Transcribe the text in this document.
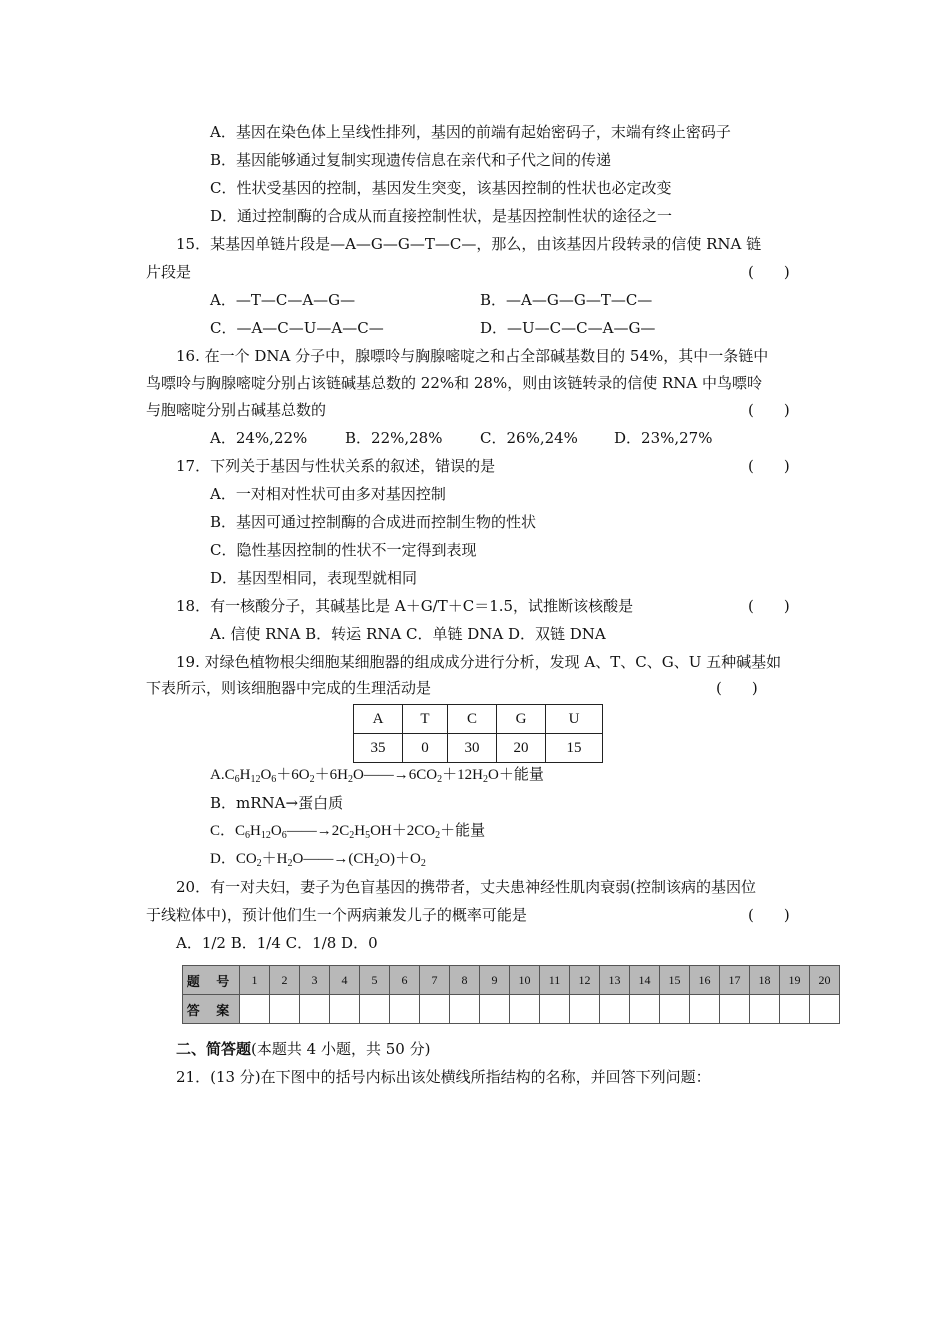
A．基因在染色体上呈线性排列，基因的前端有起始密码子，末端有终止密码子
B．基因能够通过复制实现遗传信息在亲代和子代之间的传递
C．性状受基因的控制，基因发生突变，该基因控制的性状也必定改变
D．通过控制酶的合成从而直接控制性状，是基因控制性状的途径之一
15．某基因单链片段是—A—G—G—T—C—，那么，由该基因片段转录的信使 RNA 链
片段是	(　　)
A．—T—C—A—G—	B．—A—G—G—T—C—
C．—A—C—U—A—C—	D．—U—C—C—A—G—
16. 在一个 DNA 分子中，腺嘌呤与胸腺嘧啶之和占全部碱基数目的 54%，其中一条链中
鸟嘌呤与胸腺嘧啶分别占该链碱基总数的 22%和 28%，则由该链转录的信使 RNA 中鸟嘌呤
与胞嘧啶分别占碱基总数的	(　　)
A．24%,22%	B．22%,28%	C．26%,24% D．23%,27%
17．下列关于基因与性状关系的叙述，错误的是	(　　)
A．一对相对性状可由多对基因控制
B．基因可通过控制酶的合成进而控制生物的性状
C．隐性基因控制的性状不一定得到表现
D．基因型相同，表现型就相同
18．有一核酸分子，其碱基比是 A＋G/T＋C＝1.5，试推断该核酸是	(　　)
A. 信使 RNA B．转运 RNA C．单链 DNA D．双链 DNA
19. 对绿色植物根尖细胞某细胞器的组成成分进行分析，发现 A、T、C、G、U 五种碱基如
下表所示，则该细胞器中完成的生理活动是	(　　)
A	T	C	G	U
35	0	30	20	15
$A.C_6H_{12}O_6+6O_2+6H_2O——\to 6CO_2+12H_2O+$能量
B．mRNA→蛋白质
C．$C_6H_{12}O_6——\to 2C_2H_5OH+2CO_2+$能量
D．$CO_2+H_2O——\to(CH_2O)+O_2$
20．有一对夫妇，妻子为色盲基因的携带者，丈夫患神经性肌肉衰弱(控制该病的基因位
于线粒体中)，预计他们生一个两病兼发儿子的概率可能是	(　　)
A．1/2 B．1/4 C．1/8 D．0
题 号	1	2	3	4	5	6	7	8	9	10	11	12	13	14	15	16	17	18	19	20
答 案																				
二、简答题(本题共 4 小题，共 50 分)
21．(13 分)在下图中的括号内标出该处横线所指结构的名称，并回答下列问题：
